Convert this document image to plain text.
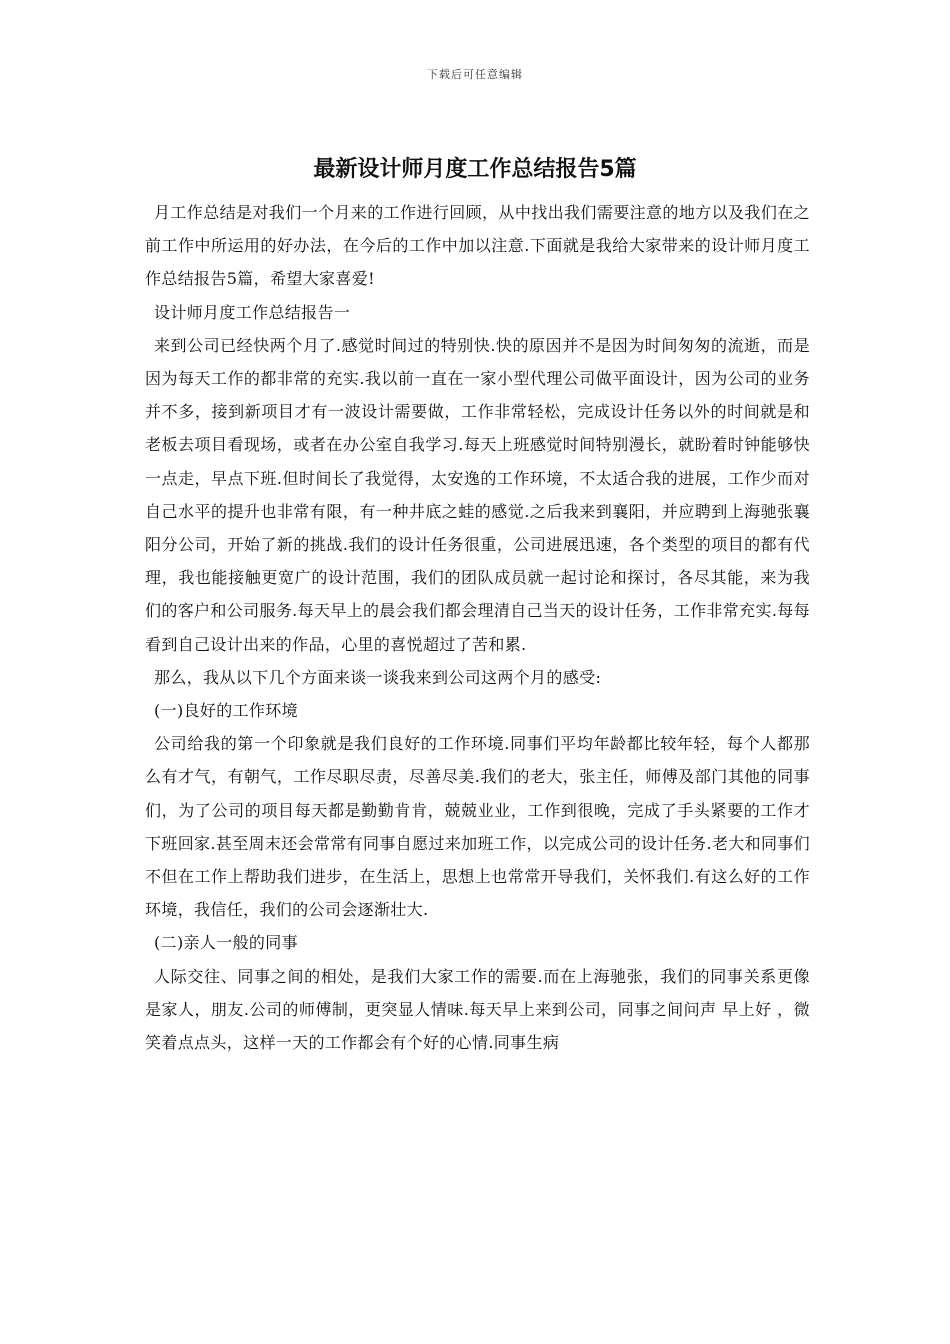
下载后可任意编辑
最新设计师月度工作总结报告5篇

月工作总结是对我们一个月来的工作进行回顾，从中找出我们需要注意的地方以及我们在之前工作中所运用的好办法，在今后的工作中加以注意.下面就是我给大家带来的设计师月度工作总结报告5篇，希望大家喜爱!

设计师月度工作总结报告一

来到公司已经快两个月了.感觉时间过的特别快.快的原因并不是因为时间匆匆的流逝，而是因为每天工作的都非常的充实.我以前一直在一家小型代理公司做平面设计，因为公司的业务并不多，接到新项目才有一波设计需要做，工作非常轻松，完成设计任务以外的时间就是和老板去项目看现场，或者在办公室自我学习.每天上班感觉时间特别漫长，就盼着时钟能够快一点走，早点下班.但时间长了我觉得，太安逸的工作环境，不太适合我的进展，工作少而对自己水平的提升也非常有限，有一种井底之蛙的感觉.之后我来到襄阳，并应聘到上海驰张襄阳分公司，开始了新的挑战.我们的设计任务很重，公司进展迅速，各个类型的项目的都有代理，我也能接触更宽广的设计范围，我们的团队成员就一起讨论和探讨，各尽其能，来为我们的客户和公司服务.每天早上的晨会我们都会理清自己当天的设计任务，工作非常充实.每每看到自己设计出来的作品，心里的喜悦超过了苦和累.

那么，我从以下几个方面来谈一谈我来到公司这两个月的感受:

(一)良好的工作环境

公司给我的第一个印象就是我们良好的工作环境.同事们平均年龄都比较年轻，每个人都那么有才气，有朝气，工作尽职尽责，尽善尽美.我们的老大，张主任，师傅及部门其他的同事们，为了公司的项目每天都是勤勤肯肯，兢兢业业，工作到很晚，完成了手头紧要的工作才下班回家.甚至周末还会常常有同事自愿过来加班工作，以完成公司的设计任务.老大和同事们不但在工作上帮助我们进步，在生活上，思想上也常常开导我们，关怀我们.有这么好的工作环境，我信任，我们的公司会逐渐壮大.

(二)亲人一般的同事

人际交往、同事之间的相处，是我们大家工作的需要.而在上海驰张，我们的同事关系更像是家人，朋友.公司的师傅制，更突显人情味.每天早上来到公司，同事之间问声 早上好 ，微笑着点点头，这样一天的工作都会有个好的心情.同事生病
